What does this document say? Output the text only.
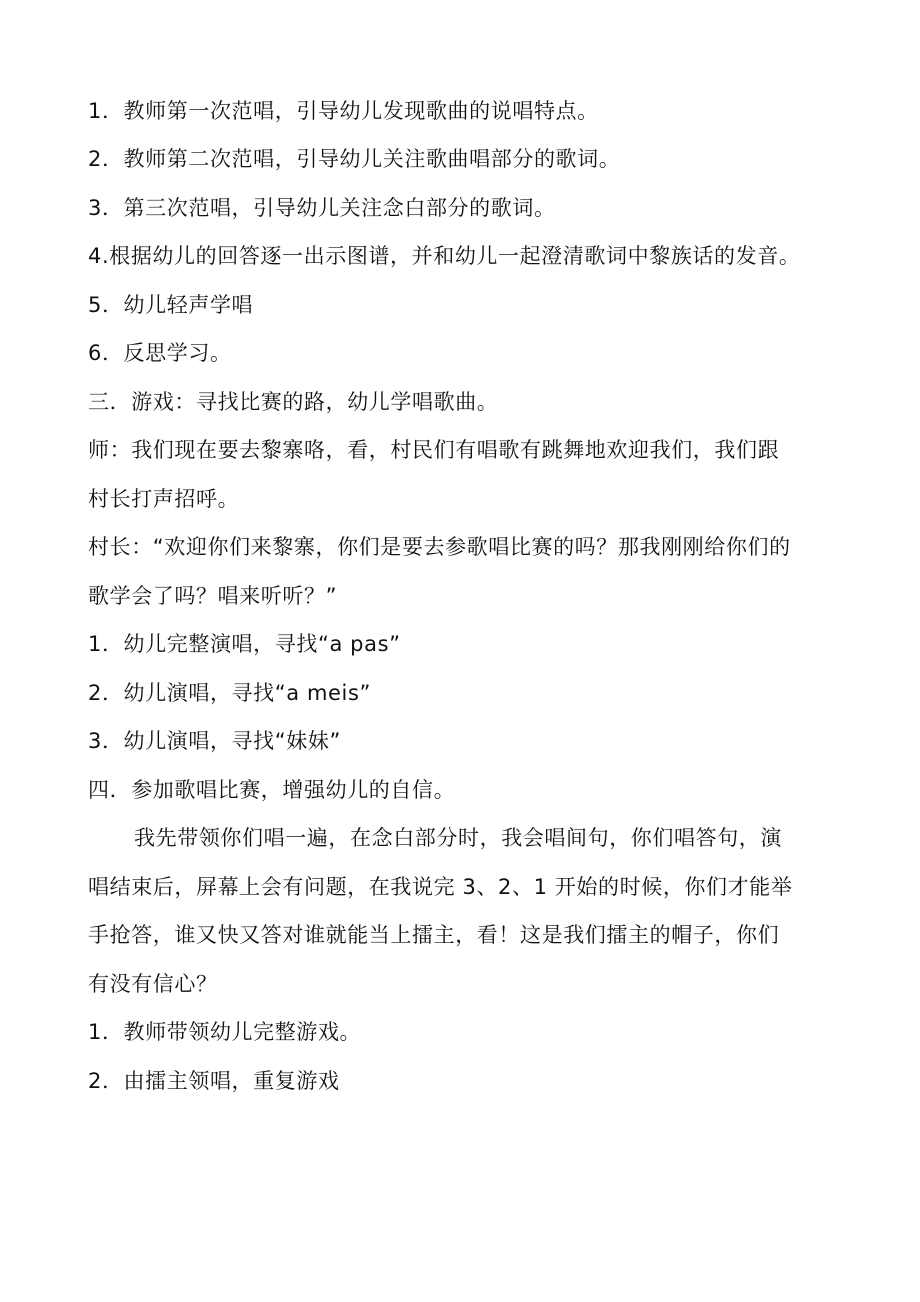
1．教师第一次范唱，引导幼儿发现歌曲的说唱特点。
2．教师第二次范唱，引导幼儿关注歌曲唱部分的歌词。
3．第三次范唱，引导幼儿关注念白部分的歌词。
4.根据幼儿的回答逐一出示图谱，并和幼儿一起澄清歌词中黎族话的发音。
5．幼儿轻声学唱
6．反思学习。
三．游戏：寻找比赛的路，幼儿学唱歌曲。
师：我们现在要去黎寨咯，看，村民们有唱歌有跳舞地欢迎我们，我们跟
村长打声招呼。
村长：“欢迎你们来黎寨，你们是要去参歌唱比赛的吗？那我刚刚给你们的
歌学会了吗？唱来听听？”
1．幼儿完整演唱，寻找“a pas”
2．幼儿演唱，寻找“a meis”
3．幼儿演唱，寻找“妹妹”
四．参加歌唱比赛，增强幼儿的自信。
我先带领你们唱一遍，在念白部分时，我会唱间句，你们唱答句，演
唱结束后，屏幕上会有问题，在我说完 3、2、1 开始的时候，你们才能举
手抢答，谁又快又答对谁就能当上擂主，看！这是我们擂主的帽子，你们
有没有信心？
1．教师带领幼儿完整游戏。
2．由擂主领唱，重复游戏
